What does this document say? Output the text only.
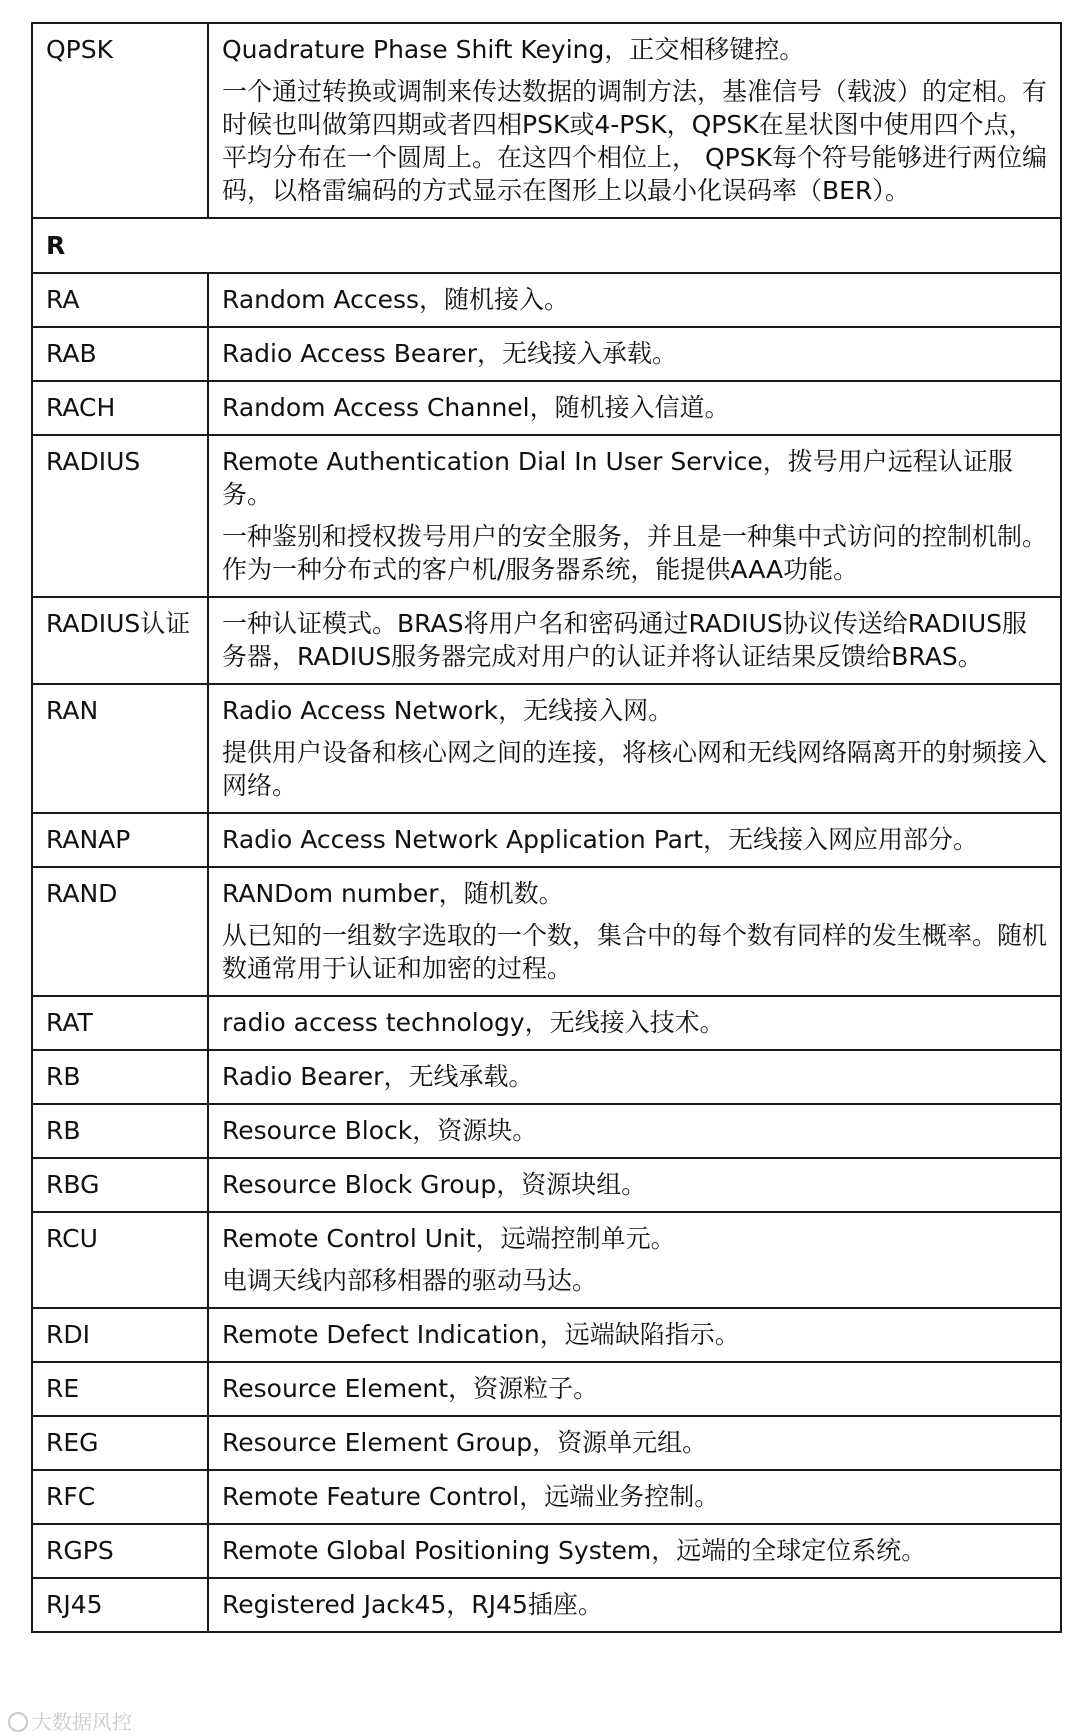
QPSK	Quadrature Phase Shift Keying，正交相移键控。

一个通过转换或调制来传达数据的调制方法，基准信号（载波）的定相。有时候也叫做第四期或者四相PSK或4-PSK，QPSK在星状图中使用四个点，平均分布在一个圆周上。在这四个相位上， QPSK每个符号能够进行两位编码，以格雷编码的方式显示在图形上以最小化误码率（BER）。

R	
RA	Random Access，随机接入。

RAB	Radio Access Bearer，无线接入承载。

RACH	Random Access Channel，随机接入信道。

RADIUS	Remote Authentication Dial In User Service，拨号用户远程认证服务。

一种鉴别和授权拨号用户的安全服务，并且是一种集中式访问的控制机制。作为一种分布式的客户机/服务器系统，能提供AAA功能。

RADIUS认证	一种认证模式。BRAS将用户名和密码通过RADIUS协议传送给RADIUS服务器，RADIUS服务器完成对用户的认证并将认证结果反馈给BRAS。

RAN	Radio Access Network，无线接入网。

提供用户设备和核心网之间的连接，将核心网和无线网络隔离开的射频接入网络。

RANAP	Radio Access Network Application Part，无线接入网应用部分。

RAND	RANDom number，随机数。

从已知的一组数字选取的一个数，集合中的每个数有同样的发生概率。随机数通常用于认证和加密的过程。

RAT	radio access technology，无线接入技术。

RB	Radio Bearer，无线承载。

RB	Resource Block，资源块。

RBG	Resource Block Group，资源块组。

RCU	Remote Control Unit，远端控制单元。

电调天线内部移相器的驱动马达。

RDI	Remote Defect Indication，远端缺陷指示。

RE	Resource Element，资源粒子。

REG	Resource Element Group，资源单元组。

RFC	Remote Feature Control，远端业务控制。

RGPS	Remote Global Positioning System，远端的全球定位系统。

RJ45	Registered Jack45，RJ45插座。

大数据风控
